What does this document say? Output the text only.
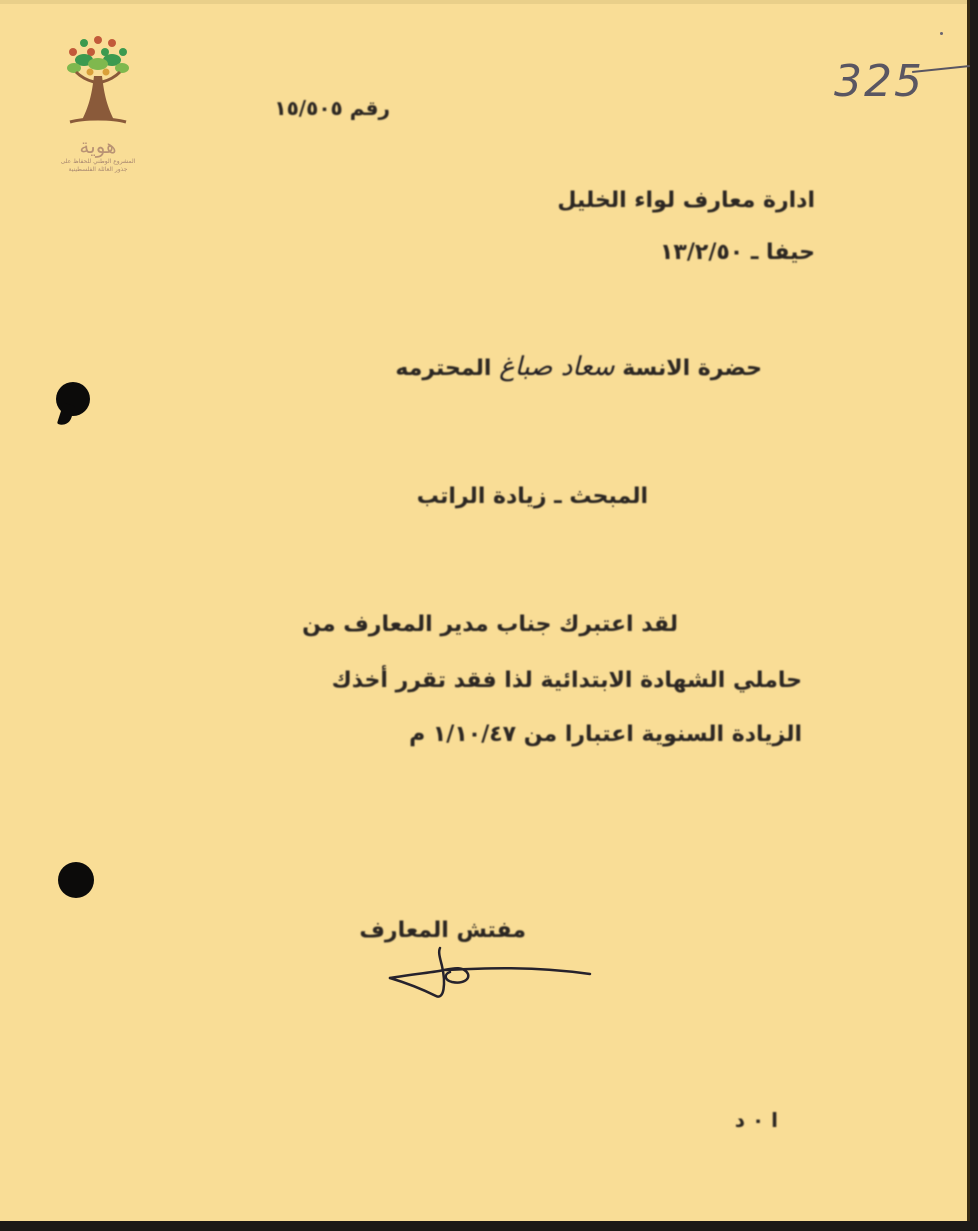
هوية
المشروع الوطني للحفاظ على
جذور العائلة الفلسطينية
325
رقم ١٥/٥٠٥
ادارة معارف لواء الخليل
حيفا ـ ١٣/٢/٥٠
حضرة الانسة سعاد صباغ المحترمه
المبحث ـ زيادة الراتب
لقد اعتبرك جناب مدير المعارف من
حاملي الشهادة الابتدائية لذا فقد تقرر أخذك
الزيادة السنوية اعتبارا من ١/١٠/٤٧ م
مفتش المعارف
ا ٠ د
